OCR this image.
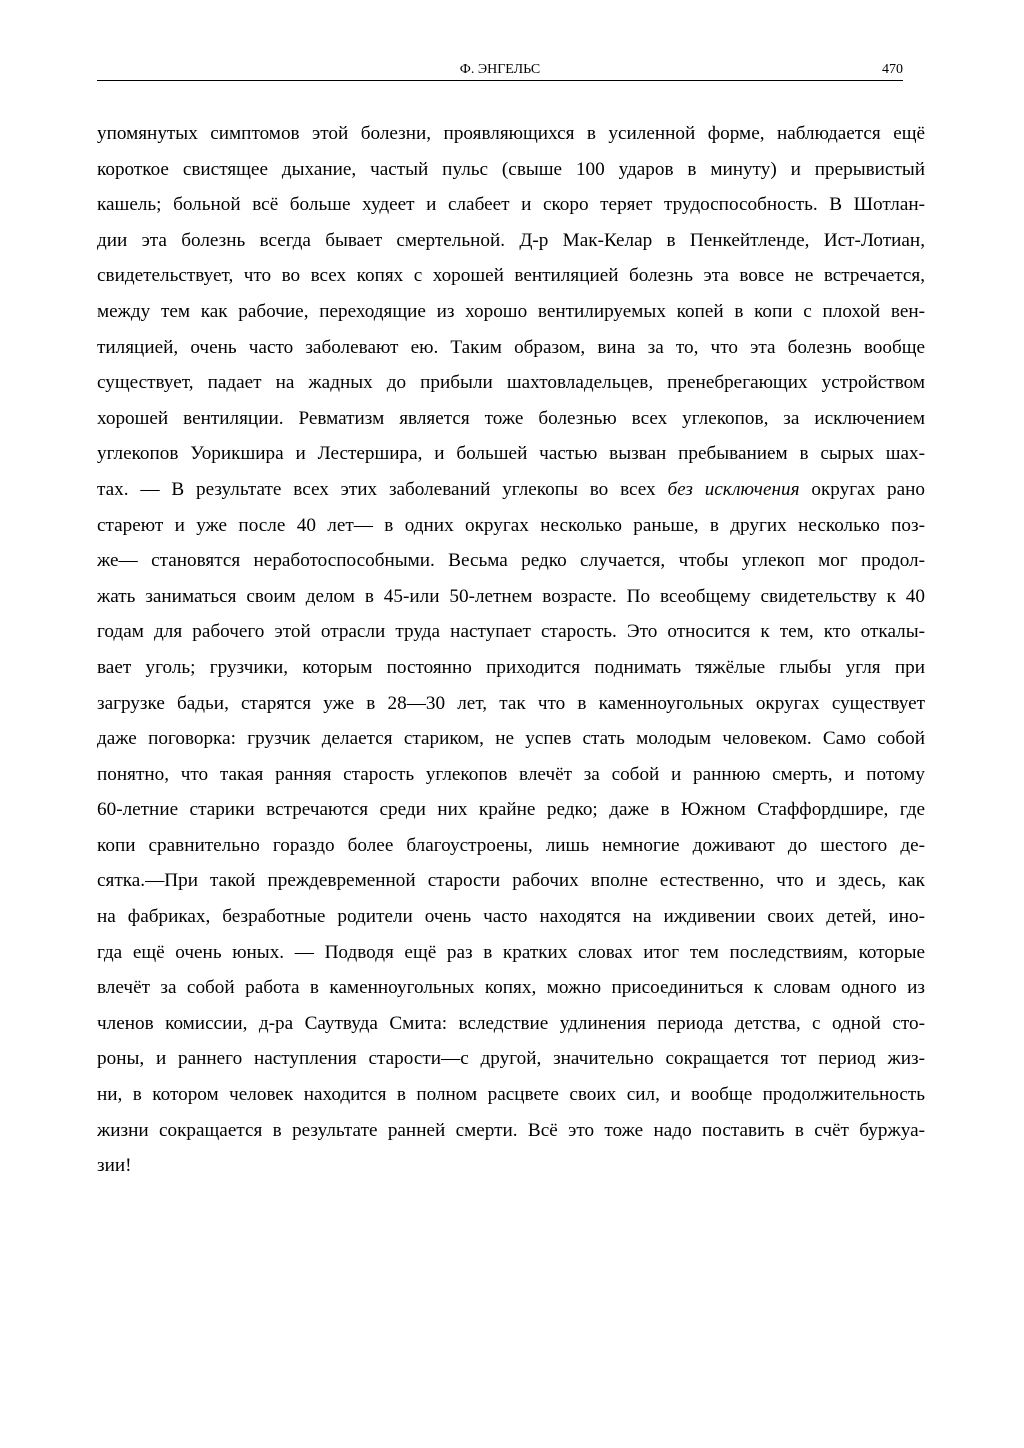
Ф. ЭНГЕЛЬС	470
упомянутых симптомов этой болезни, проявляющихся в усиленной форме, наблюдается ещё
короткое свистящее дыхание, частый пульс (свыше 100 ударов в минуту) и прерывистый
кашель; больной всё больше худеет и слабеет и скоро теряет трудоспособность. В Шотлан-
дии эта болезнь всегда бывает смертельной. Д-р Мак-Келар в Пенкейтленде, Ист-Лотиан,
свидетельствует, что во всех копях с хорошей вентиляцией болезнь эта вовсе не встречается,
между тем как рабочие, переходящие из хорошо вентилируемых копей в копи с плохой вен-
тиляцией, очень часто заболевают ею. Таким образом, вина за то, что эта болезнь вообще
существует, падает на жадных до прибыли шахтовладельцев, пренебрегающих устройством
хорошей вентиляции. Ревматизм является тоже болезнью всех углекопов, за исключением
углекопов Уорикшира и Лестершира, и большей частью вызван пребыванием в сырых шах-
тах. — В результате всех этих заболеваний углекопы во всех без исключения округах рано
стареют и уже после 40 лет— в одних округах несколько раньше, в других несколько поз-
же— становятся неработоспособными. Весьма редко случается, чтобы углекоп мог продол-
жать заниматься своим делом в 45-или 50-летнем возрасте. По всеобщему свидетельству к 40
годам для рабочего этой отрасли труда наступает старость. Это относится к тем, кто откалы-
вает уголь; грузчики, которым постоянно приходится поднимать тяжёлые глыбы угля при
загрузке бадьи, старятся уже в 28—30 лет, так что в каменноугольных округах существует
даже поговорка: грузчик делается стариком, не успев стать молодым человеком. Само собой
понятно, что такая ранняя старость углекопов влечёт за собой и раннюю смерть, и потому
60-летние старики встречаются среди них крайне редко; даже в Южном Стаффордшире, где
копи сравнительно гораздо более благоустроены, лишь немногие доживают до шестого де-
сятка.—При такой преждевременной старости рабочих вполне естественно, что и здесь, как
на фабриках, безработные родители очень часто находятся на иждивении своих детей, ино-
гда ещё очень юных. — Подводя ещё раз в кратких словах итог тем последствиям, которые
влечёт за собой работа в каменноугольных копях, можно присоединиться к словам одного из
членов комиссии, д-ра Саутвуда Смита: вследствие удлинения периода детства, с одной сто-
роны, и раннего наступления старости—с другой, значительно сокращается тот период жиз-
ни, в котором человек находится в полном расцвете своих сил, и вообще продолжительность
жизни сокращается в результате ранней смерти. Всё это тоже надо поставить в счёт буржуа-
зии!
